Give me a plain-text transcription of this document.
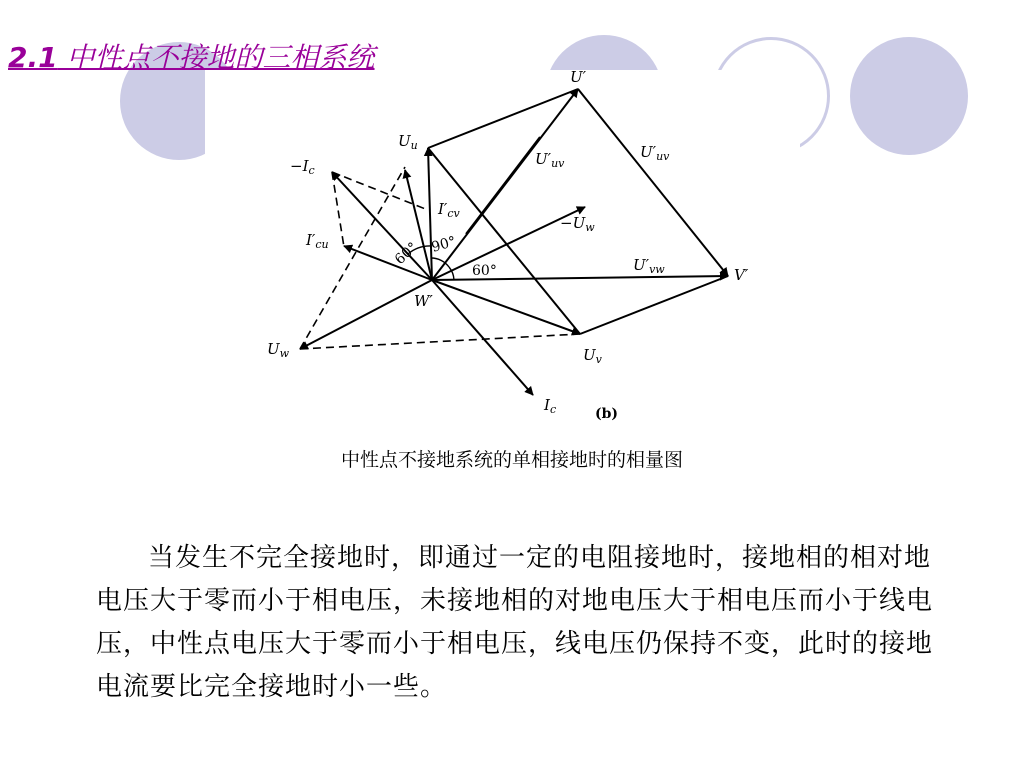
2.1 中性点不接地的三相系统
U′
$U_u$
$-I_c$
$U'_{uv}$
$U'_{uv}$
$I'_{cv}$
$-U_w$
$I'_{cu}$
$U'_{vw}$	V′
W′
$U_w$	$U_v$
$I_c$
60° 90°
60°
(b)
中性点不接地系统的单相接地时的相量图

当发生不完全接地时，即通过一定的电阻接地时，接地相的相对地电压大于零而小于相电压，未接地相的对地电压大于相电压而小于线电压，中性点电压大于零而小于相电压，线电压仍保持不变，此时的接地电流要比完全接地时小一些。
